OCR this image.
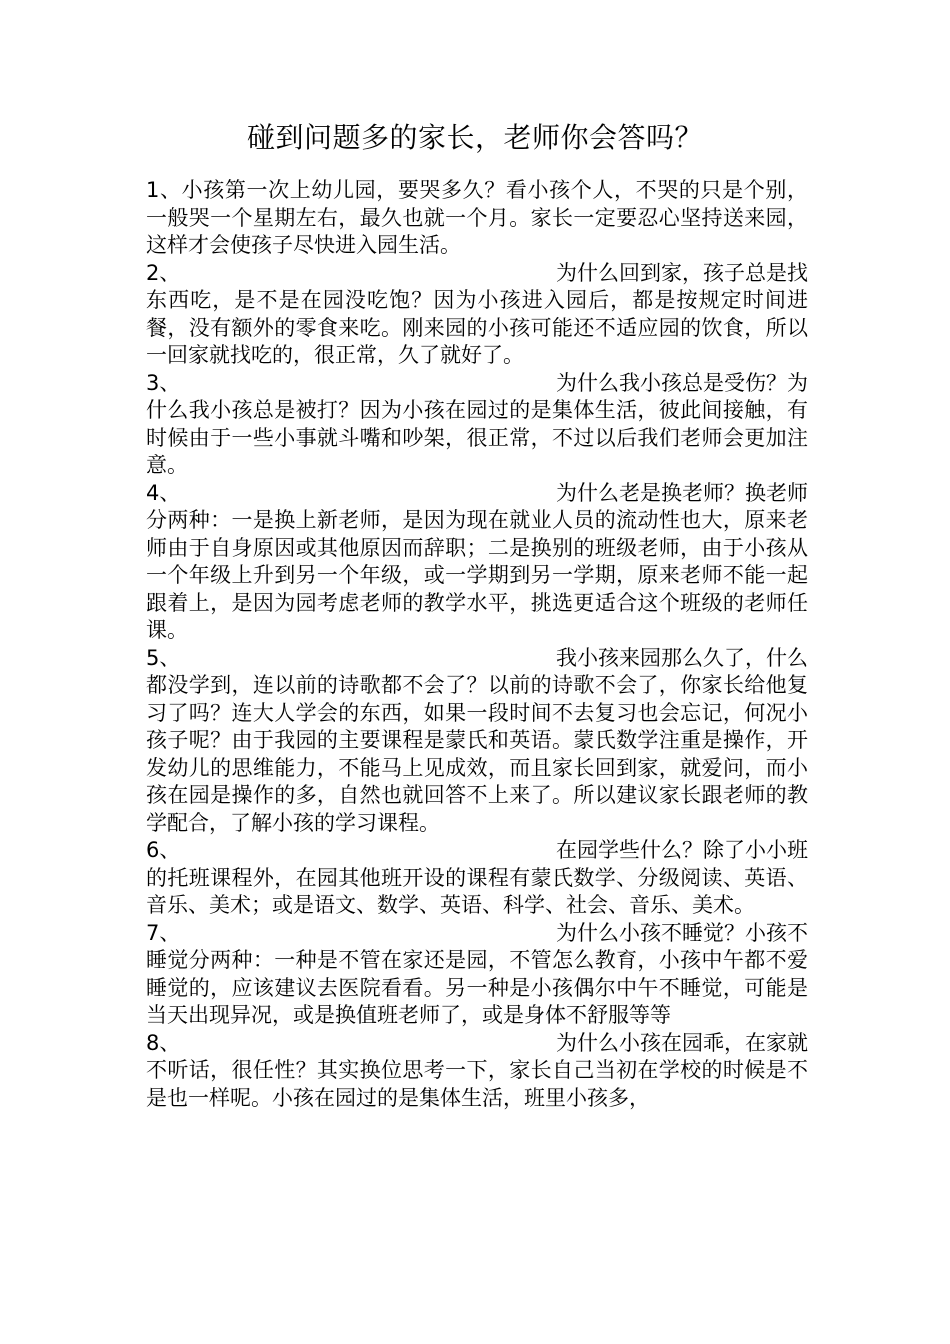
碰到问题多的家长，老师你会答吗？

1、小孩第一次上幼儿园，要哭多久？看小孩个人，不哭的只是个别，一般哭一个星期左右，最久也就一个月。家长一定要忍心坚持送来园，这样才会使孩子尽快进入园生活。

2、	为什么回到家，孩子总是找

东西吃，是不是在园没吃饱？因为小孩进入园后，都是按规定时间进餐，没有额外的零食来吃。刚来园的小孩可能还不适应园的饮食，所以一回家就找吃的，很正常，久了就好了。

3、	为什么我小孩总是受伤？为

什么我小孩总是被打？因为小孩在园过的是集体生活，彼此间接触，有时候由于一些小事就斗嘴和吵架，很正常，不过以后我们老师会更加注意。

4、	为什么老是换老师？换老师

分两种：一是换上新老师，是因为现在就业人员的流动性也大，原来老师由于自身原因或其他原因而辞职；二是换别的班级老师，由于小孩从一个年级上升到另一个年级，或一学期到另一学期，原来老师不能一起跟着上，是因为园考虑老师的教学水平，挑选更适合这个班级的老师任课。

5、	我小孩来园那么久了，什么

都没学到，连以前的诗歌都不会了？以前的诗歌不会了，你家长给他复习了吗？连大人学会的东西，如果一段时间不去复习也会忘记，何况小孩子呢？由于我园的主要课程是蒙氏和英语。蒙氏数学注重是操作，开发幼儿的思维能力，不能马上见成效，而且家长回到家，就爱问，而小孩在园是操作的多，自然也就回答不上来了。所以建议家长跟老师的教学配合，了解小孩的学习课程。

6、	在园学些什么？除了小小班

的托班课程外，在园其他班开设的课程有蒙氏数学、分级阅读、英语、音乐、美术；或是语文、数学、英语、科学、社会、音乐、美术。

7、	为什么小孩不睡觉？小孩不

睡觉分两种：一种是不管在家还是园，不管怎么教育，小孩中午都不爱睡觉的，应该建议去医院看看。另一种是小孩偶尔中午不睡觉，可能是当天出现异况，或是换值班老师了，或是身体不舒服等等

8、	为什么小孩在园乖，在家就

不听话，很任性？其实换位思考一下，家长自己当初在学校的时候是不是也一样呢。小孩在园过的是集体生活，班里小孩多，
